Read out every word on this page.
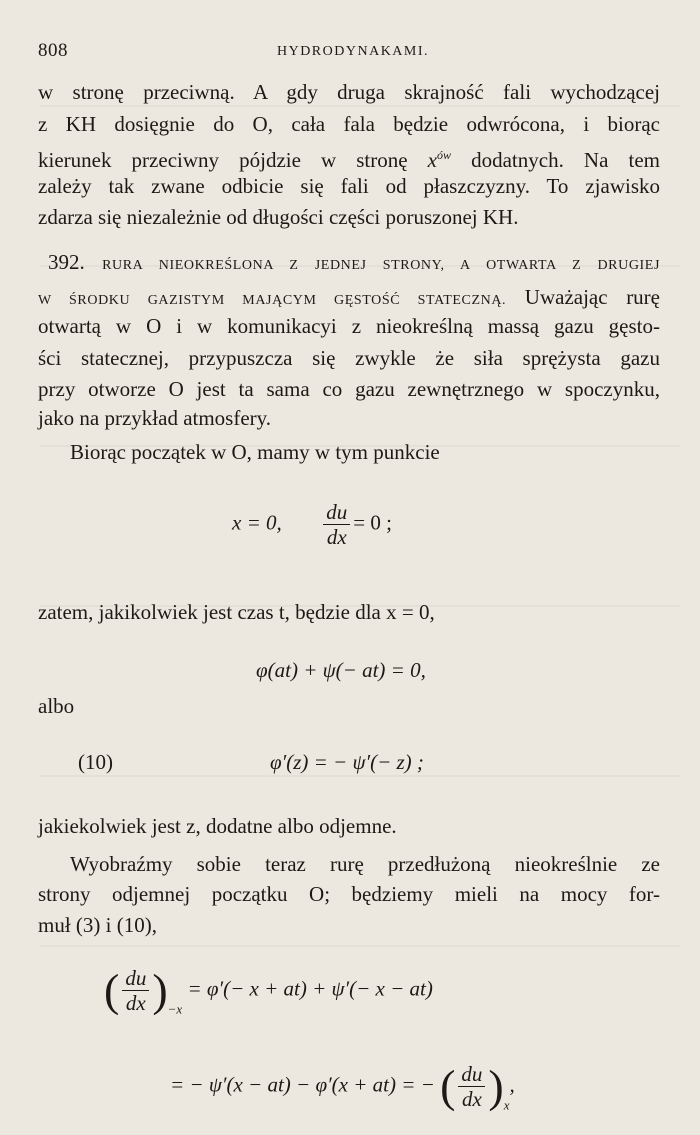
808	HYDRODYNAKAMI.
w stronę przeciwną. A gdy druga skrajność fali wychodzącej
z KH dosięgnie do O, cała fala będzie odwrócona, i biorąc
kierunek przeciwny pójdzie w stronę $x^{ów}$ dodatnych. Na tem
zależy tak zwane odbicie się fali od płaszczyzny. To zjawisko
zdarza się niezależnie od długości części poruszonej KH.
392. RURA NIEOKREŚLONA Z JEDNEJ STRONY, A OTWARTA Z DRUGIEJ
W ŚRODKU GAZISTYM MAJĄCYM GĘSTOŚĆ STATECZNĄ. Uważając rurę
otwartą w O i w komunikacyi z nieokreślną massą gazu gęsto-
ści statecznej, przypuszcza się zwykle że siła sprężysta gazu
przy otworze O jest ta sama co gazu zewnętrznego w spoczynku,
jako na przykład atmosfery.
Biorąc początek w O, mamy w tym punkcie
x = 0, $\frac{du}{dx} = 0$ ;
zatem, jakikolwiek jest czas t, będzie dla x = 0,
φ(at) + ψ(− at) = 0,
albo
(10)	φ′(z) = − ψ′(− z) ;
jakiekolwiek jest z, dodatne albo odjemne.
Wyobraźmy sobie teraz rurę przedłużoną nieokreślnie ze
strony odjemnej początku O; będziemy mieli na mocy for-
muł (3) i (10),
( $\frac{du}{dx} )_{-x} = \varphi'(- x + at) + \psi'(- x - at)$
= − ψ′(x − at) − φ′(x + at) = − ( $\frac{du}{dx} )_x$,
